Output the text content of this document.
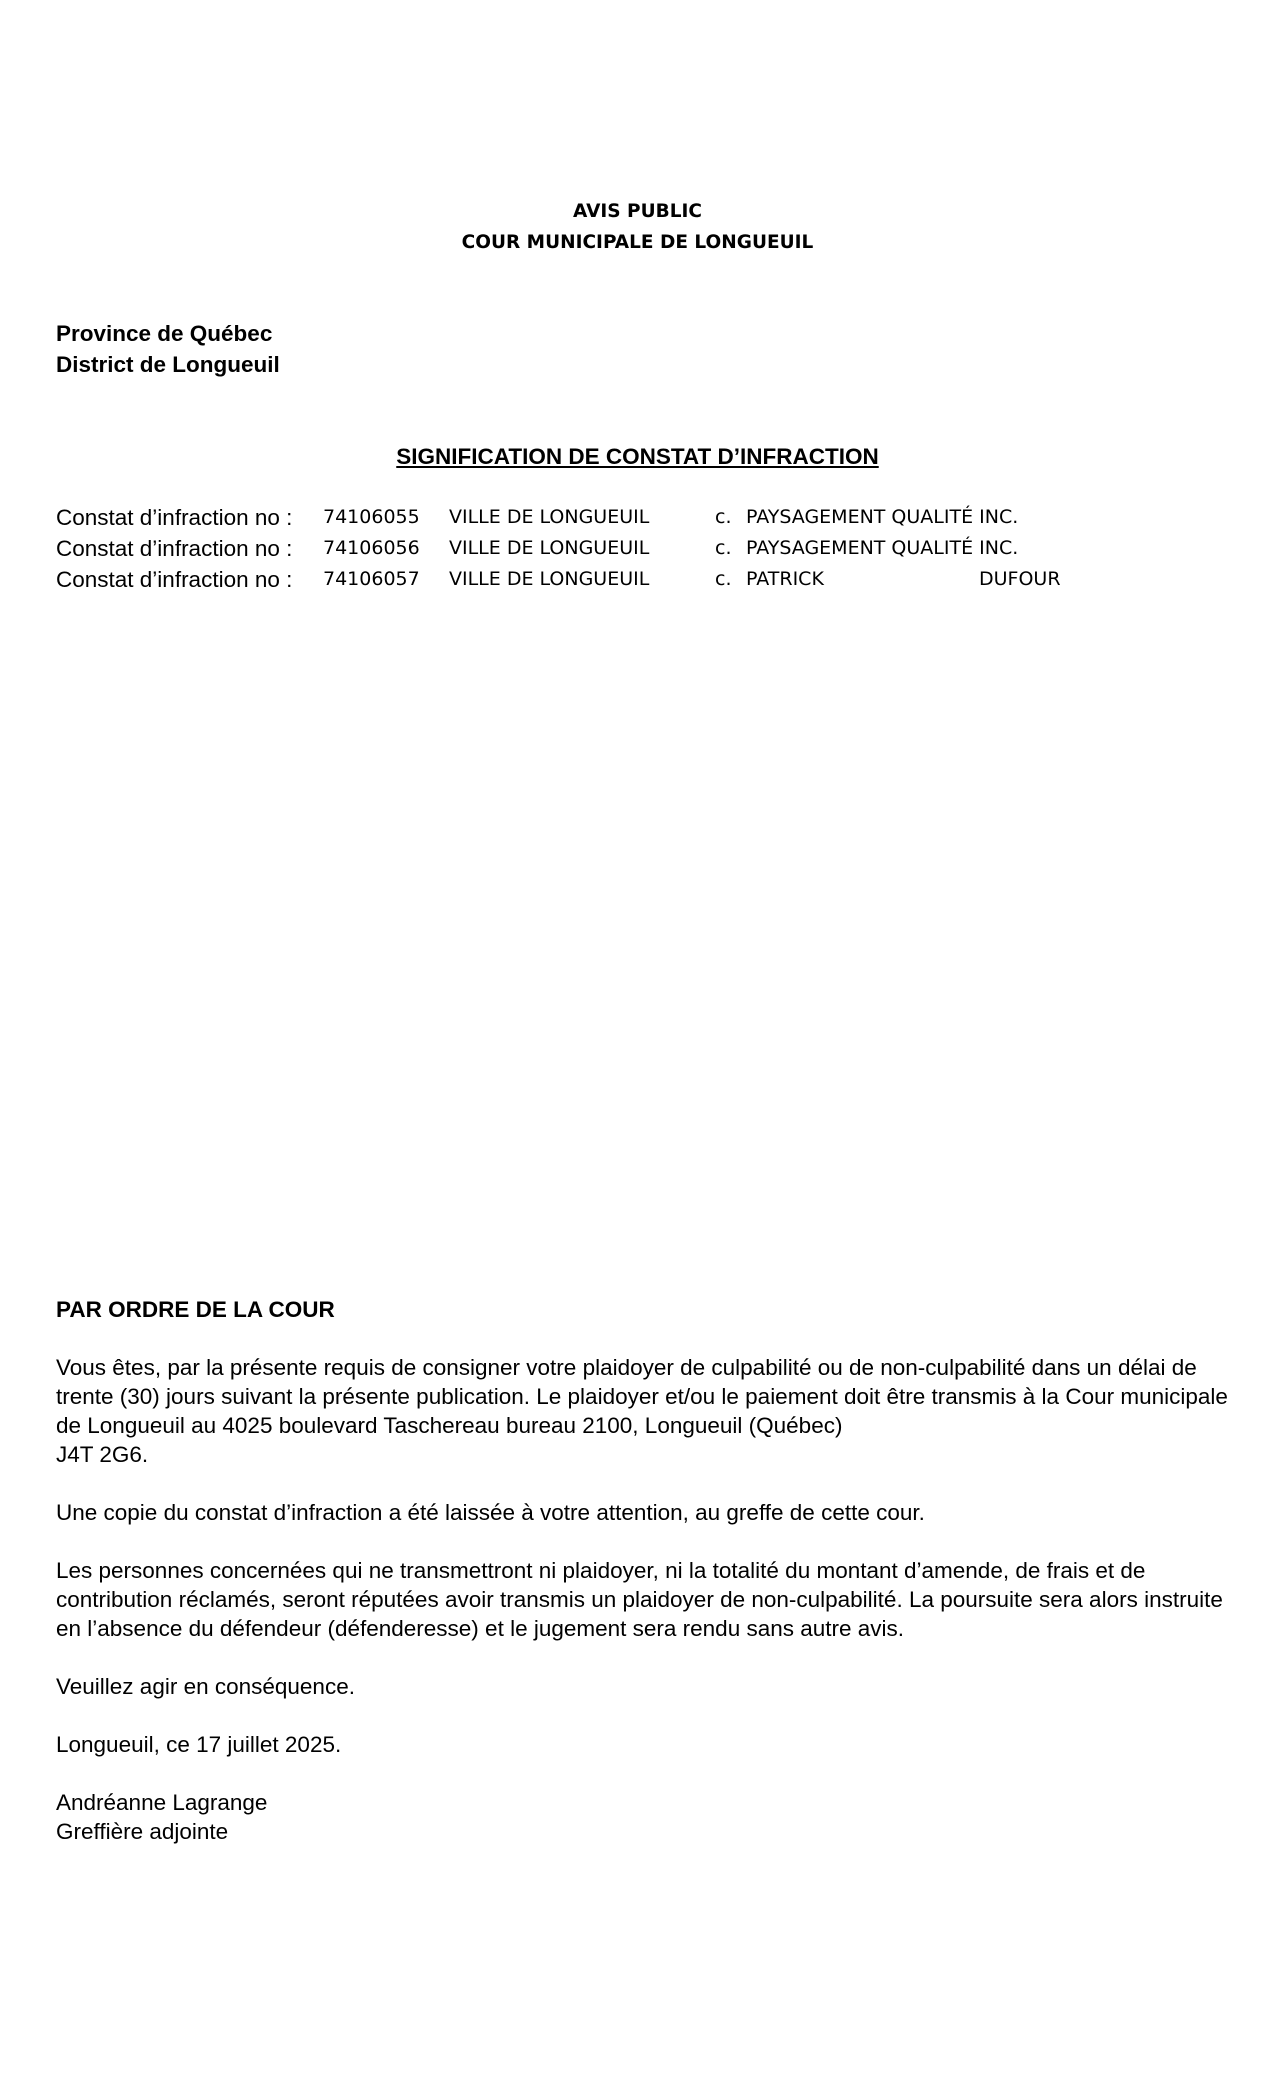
AVIS PUBLIC
COUR MUNICIPALE DE LONGUEUIL
Province de Québec
District de Longueuil
SIGNIFICATION DE CONSTAT D’INFRACTION
Constat d’infraction no : 74106055 VILLE DE LONGUEUIL	c. PAYSAGEMENT QUALITÉ INC.
Constat d’infraction no : 74106056 VILLE DE LONGUEUIL	c. PAYSAGEMENT QUALITÉ INC.
Constat d’infraction no : 74106057 VILLE DE LONGUEUIL	c. PATRICK	DUFOUR

PAR ORDRE DE LA COUR

Vous êtes, par la présente requis de consigner votre plaidoyer de culpabilité ou de non-culpabilité dans un délai de trente (30) jours suivant la présente publication. Le plaidoyer et/ou le paiement doit être transmis à la Cour municipale de Longueuil au 4025 boulevard Taschereau bureau 2100, Longueuil (Québec)
J4T 2G6.

Une copie du constat d’infraction a été laissée à votre attention, au greffe de cette cour.

Les personnes concernées qui ne transmettront ni plaidoyer, ni la totalité du montant d’amende, de frais et de contribution réclamés, seront réputées avoir transmis un plaidoyer de non-culpabilité. La poursuite sera alors instruite en l’absence du défendeur (défenderesse) et le jugement sera rendu sans autre avis.

Veuillez agir en conséquence.

Longueuil, ce 17 juillet 2025.

Andréanne Lagrange

Greffière adjointe
